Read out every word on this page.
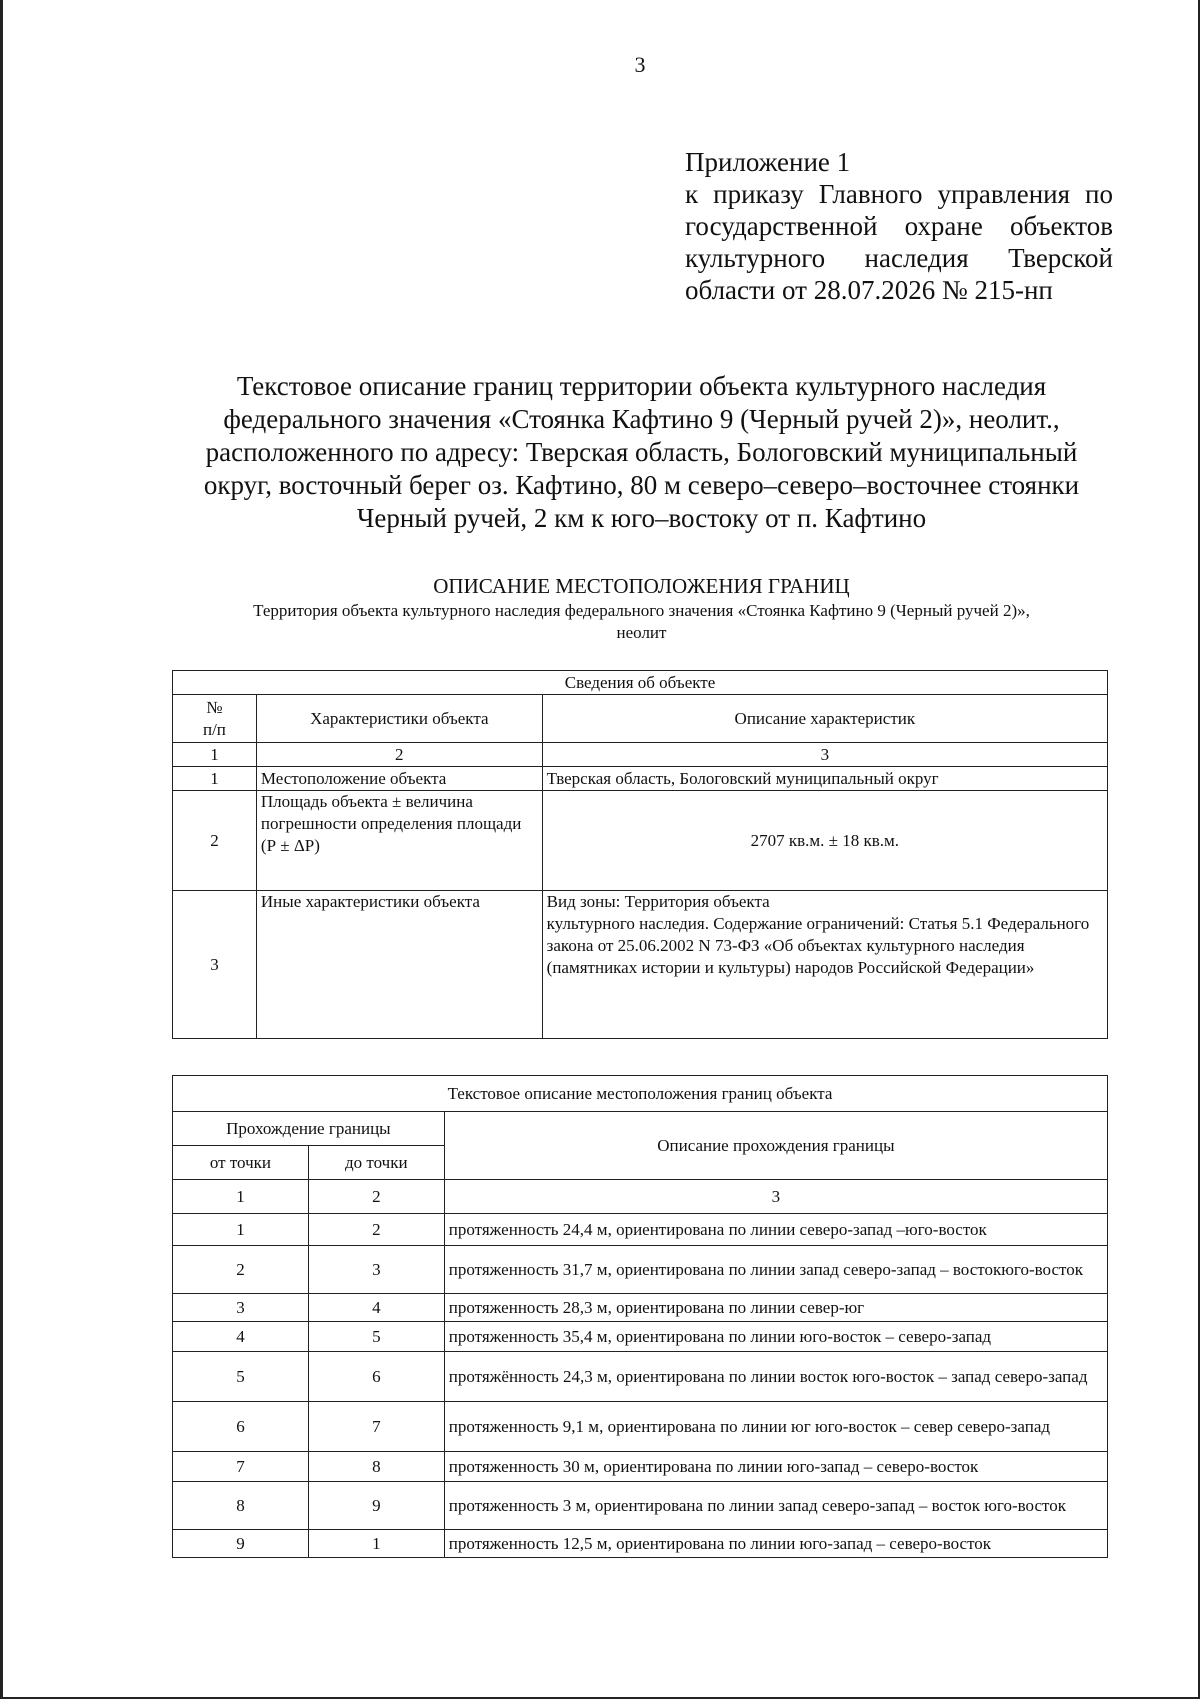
3
Приложение 1
к приказу Главного управления по
государственной охране объектов
культурного наследия Тверской
области от 28.07.2026 № 215-нп
Текстовое описание границ территории объекта культурного наследия
федерального значения «Стоянка Кафтино 9 (Черный ручей 2)», неолит.,
расположенного по адресу: Тверская область, Бологовский муниципальный
округ, восточный берег оз. Кафтино, 80 м северо–северо–восточнее стоянки
Черный ручей, 2 км к юго–востоку от п. Кафтино
ОПИСАНИЕ МЕСТОПОЛОЖЕНИЯ ГРАНИЦ
Территория объекта культурного наследия федерального значения «Стоянка Кафтино 9 (Черный ручей 2)»,
неолит
Сведения об объекте		
№
п/п	Характеристики объекта	Описание характеристик
1	2	3
1	Местоположение объекта	Тверская область, Бологовский муниципальный округ
2	Площадь объекта ± величина погрешности определения площади (Р ± ΔР)	2707 кв.м. ± 18 кв.м.
3	Иные характеристики объекта	Вид зоны: Территория объекта
культурного наследия. Содержание ограничений: Статья 5.1 Федерального закона от 25.06.2002 N 73-ФЗ «Об объектах культурного наследия (памятниках истории и культуры) народов Российской Федерации»
Текстовое описание местоположения границ объекта		
Прохождение границы		Описание прохождения границы
от точки	до точки	
1	2	3
1	2	протяженность 24,4 м, ориентирована по линии северо-запад –юго-восток
2	3	протяженность 31,7 м, ориентирована по линии запад северо-запад – востокюго-восток
3	4	протяженность 28,3 м, ориентирована по линии север-юг
4	5	протяженность 35,4 м, ориентирована по линии юго-восток – северо-запад
5	6	протяжённость 24,3 м, ориентирована по линии восток юго-восток – запад северо-запад
6	7	протяженность 9,1 м, ориентирована по линии юг юго-восток – север северо-запад
7	8	протяженность 30 м, ориентирована по линии юго-запад – северо-восток
8	9	протяженность 3 м, ориентирована по линии запад северо-запад – восток юго-восток
9	1	протяженность 12,5 м, ориентирована по линии юго-запад – северо-восток
